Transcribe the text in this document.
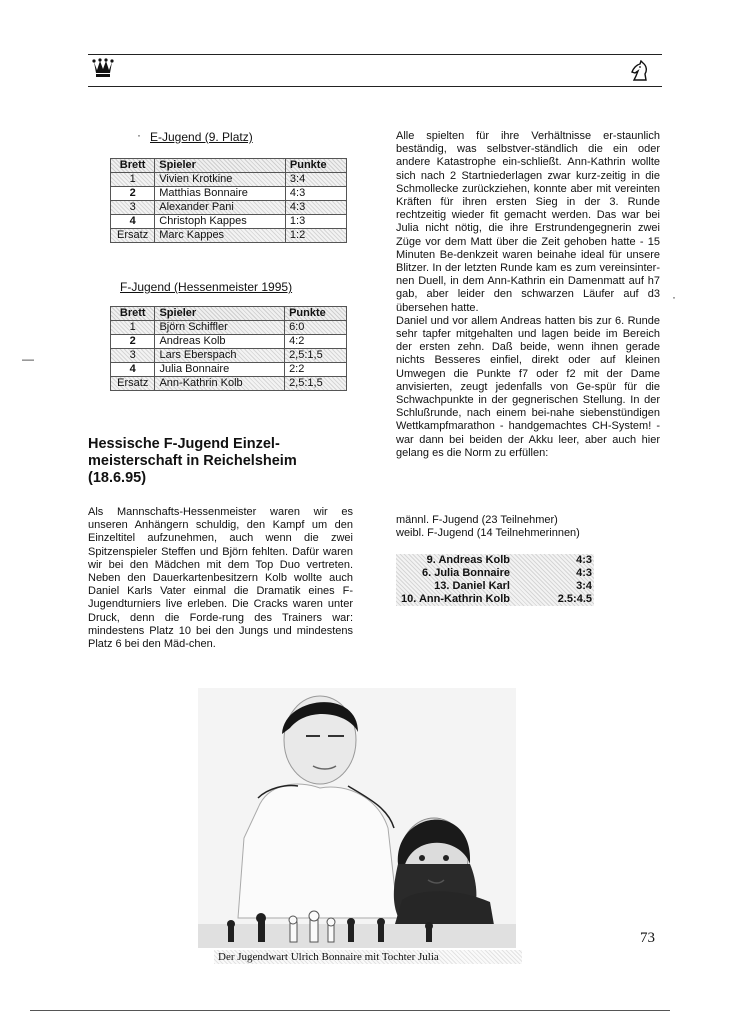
· E-Jugend (9. Platz)
Brett	Spieler	Punkte
1	Vivien Krotkine	3:4
2	Matthias Bonnaire	4:3
3	Alexander Pani	4:3
4	Christoph Kappes	1:3
Ersatz	Marc Kappes	1:2
F-Jugend (Hessenmeister 1995)
Brett	Spieler	Punkte
1	Björn Schiffler	6:0
2	Andreas Kolb	4:2
3	Lars Eberspach	2,5:1,5
4	Julia Bonnaire	2:2
Ersatz	Ann-Kathrin Kolb	2,5:1,5
—
·
Hessische F-Jugend Einzel-meisterschaft in Reichelsheim (18.6.95)

Als Mannschafts-Hessenmeister waren wir es unseren Anhängern schuldig, den Kampf um den Einzeltitel aufzunehmen, auch wenn die zwei Spitzenspieler Steffen und Björn fehlten. Dafür waren wir bei den Mädchen mit dem Top Duo vertreten. Neben den Dauerkartenbesitzern Kolb wollte auch Daniel Karls Vater einmal die Dramatik eines F-Jugendturniers live erleben. Die Cracks waren unter Druck, denn die Forde-rung des Trainers war: mindestens Platz 10 bei den Jungs und mindestens Platz 6 bei den Mäd-chen.

Alle spielten für ihre Verhältnisse er-staunlich beständig, was selbstver-ständlich die ein oder andere Katastrophe ein-schließt. Ann-Kathrin wollte sich nach 2 Startniederlagen zwar kurz-zeitig in die Schmollecke zurückziehen, konnte aber mit vereinten Kräften für ihren ersten Sieg in der 3. Runde rechtzeitig wieder fit gemacht werden. Das war bei Julia nicht nötig, die ihre Erstrundengegnerin zwei Züge vor dem Matt über die Zeit gehoben hatte - 15 Minuten Be-denkzeit waren beinahe ideal für unsere Blitzer. In der letzten Runde kam es zum vereinsinter-nen Duell, in dem Ann-Kathrin ein Damenmatt auf h7 gab, aber leider den schwarzen Läufer auf d3 übersehen hatte.

Daniel und vor allem Andreas hatten bis zur 6. Runde sehr tapfer mitgehalten und lagen beide im Bereich der ersten zehn. Daß beide, wenn ihnen gerade nichts Besseres einfiel, direkt oder auf kleinen Umwegen die Punkte f7 oder f2 mit der Dame anvisierten, zeugt jedenfalls von Ge-spür für die Schwachpunkte in der gegnerischen Stellung. In der Schlußrunde, nach einem bei-nahe siebenstündigen Wettkampfmarathon - handgemachtes CH-System! - war dann bei beiden der Akku leer, aber auch hier gelang es die Norm zu erfüllen:

männl. F-Jugend (23 Teilnehmer)

weibl. F-Jugend (14 Teilnehmerinnen)

9. Andreas Kolb	4:3
6. Julia Bonnaire	4:3
13. Daniel Karl	3:4
10. Ann-Kathrin Kolb	2.5:4.5
Der Jugendwart Ulrich Bonnaire mit Tochter Julia
73
